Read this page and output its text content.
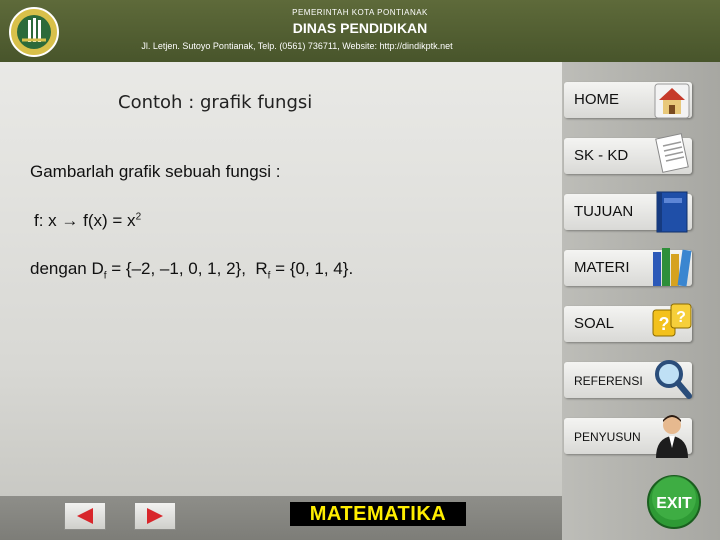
PEMERINTAH KOTA PONTIANAK
DINAS PENDIDIKAN
Jl. Letjen. Sutoyo Pontianak, Telp. (0561) 736711, Website: http://dindikptk.net
Contoh : grafik fungsi
Gambarlah grafik sebuah fungsi :
f: $x \to f(x) = x^2$
dengan $D_f = \{-2$, –1, 0, 1, 2}, $R_f = \{0$, 1, 4}.
HOME
SK - KD
TUJUAN
MATERI
SOAL ? ?
REFERENSI
PENYUSUN
MATEMATIKA	EXIT
